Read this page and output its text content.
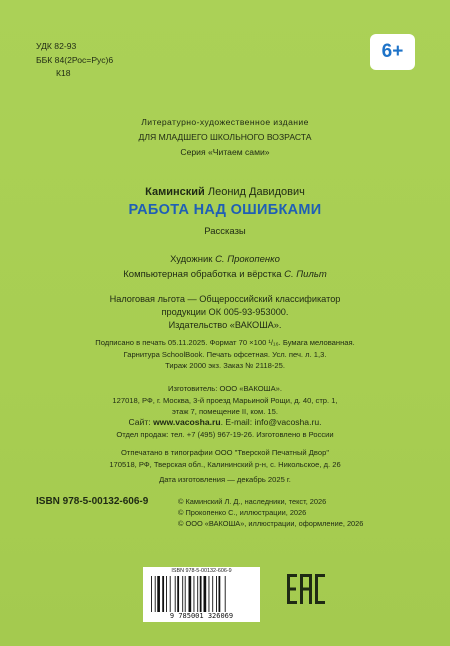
УДК 82-93
ББК 84(2Рос=Рус)6
К18
6+
Литературно-художественное издание
ДЛЯ МЛАДШЕГО ШКОЛЬНОГО ВОЗРАСТА
Серия «Читаем сами»
Каминский Леонид Давидович
РАБОТА НАД ОШИБКАМИ
Рассказы
Художник С. Прокопенко
Компьютерная обработка и вёрстка С. Пильт
Налоговая льгота — Общероссийский классификатор
продукции ОК 005-93-953000.
Издательство «ВАКОША».
Подписано в печать 05.11.2025. Формат 70 ×100 ¹/₁₆. Бумага мелованная.
Гарнитура SchoolBook. Печать офсетная. Усл. печ. л. 1,3.
Тираж 2000 экз. Заказ № 2118-25.
Изготовитель: ООО «ВАКОША».
127018, РФ, г. Москва, 3-й проезд Марьиной Рощи, д. 40, стр. 1,
этаж 7, помещение II, ком. 15.
Сайт: www.vacosha.ru. E-mail: info@vacosha.ru.
Отдел продаж: тел. +7 (495) 967-19-26. Изготовлено в России
Отпечатано в типографии ООО "Тверской Печатный Двор"
170518, РФ, Тверская обл., Калининский р-н, с. Никольское, д. 26
Дата изготовления — декабрь 2025 г.
ISBN 978-5-00132-606-9	© Каминский Л. Д., наследники, текст, 2026
© Прокопенко С., иллюстрации, 2026
© ООО «ВАКОША», иллюстрации, оформление, 2026
ISBN 978-5-00132-606-9
9 785001 326069
